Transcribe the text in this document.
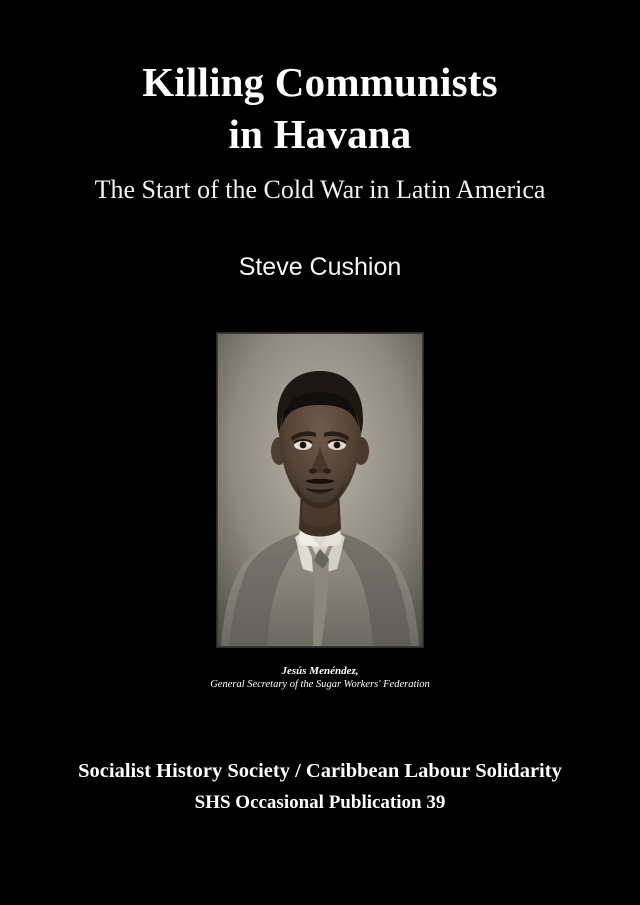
Killing Communists
in Havana
The Start of the Cold War in Latin America
Steve Cushion
Jesús Menéndez,
General Secretary of the Sugar Workers' Federation
Socialist History Society / Caribbean Labour Solidarity
SHS Occasional Publication 39
